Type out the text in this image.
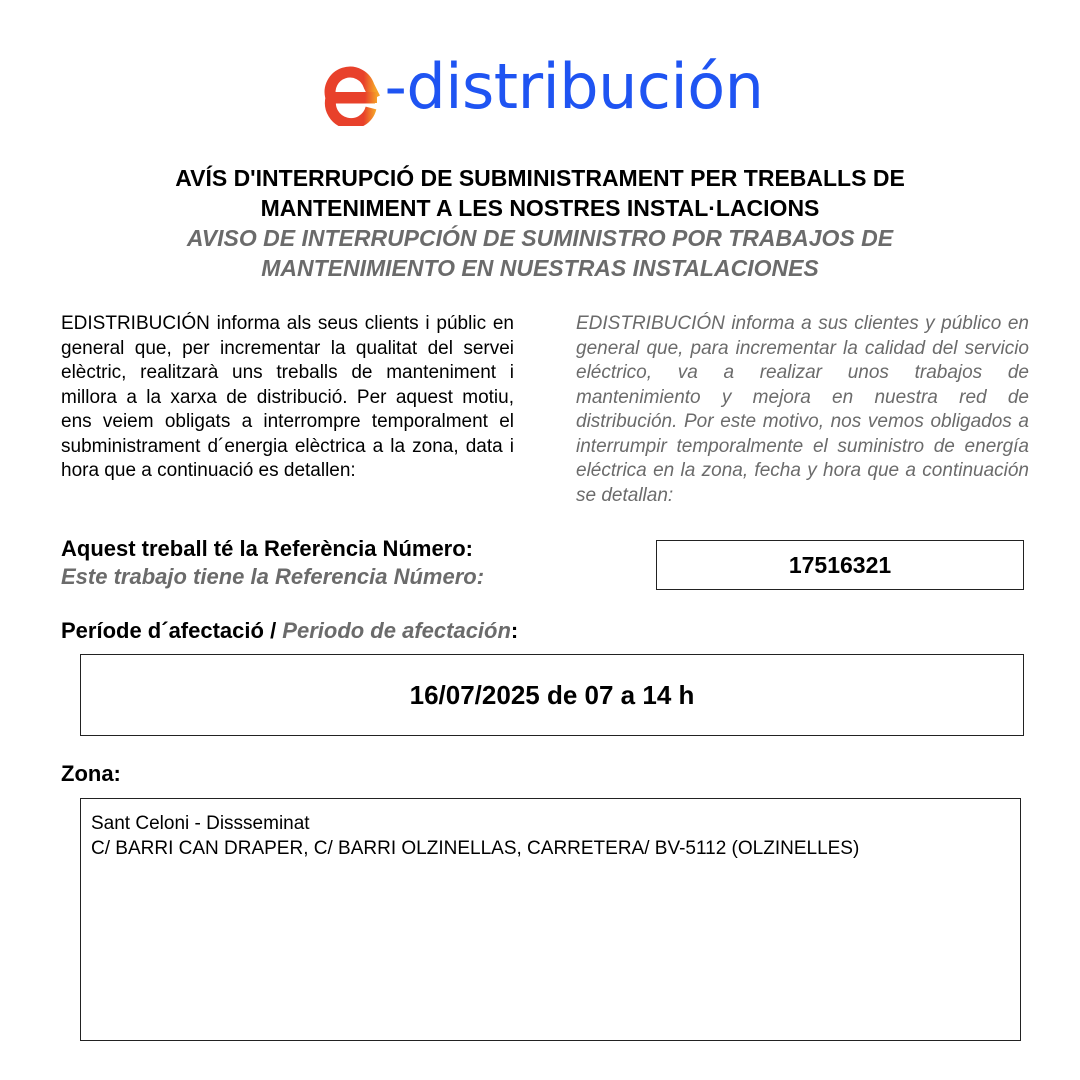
-distribución
AVÍS D'INTERRUPCIÓ DE SUBMINISTRAMENT PER TREBALLS DE
MANTENIMENT A LES NOSTRES INSTAL·LACIONS
AVISO DE INTERRUPCIÓN DE SUMINISTRO POR TRABAJOS DE
MANTENIMIENTO EN NUESTRAS INSTALACIONES
EDISTRIBUCIÓN informa als seus clients i públic en general que, per incrementar la qualitat del servei elèctric, realitzarà uns treballs de manteniment i millora a la xarxa de distribució. Per aquest motiu, ens veiem obligats a interrompre temporalment el subministrament d´energia elèctrica a la zona, data i hora que a continuació es detallen:
EDISTRIBUCIÓN informa a sus clientes y público en general que, para incrementar la calidad del servicio eléctrico, va a realizar unos trabajos de mantenimiento y mejora en nuestra red de distribución. Por este motivo, nos vemos obligados a interrumpir temporalmente el suministro de energía eléctrica en la zona, fecha y hora que a continuación se detallan:
Aquest treball té la Referència Número:
Este trabajo tiene la Referencia Número:	17516321
Període d´afectació / Periodo de afectación:
16/07/2025 de 07 a 14 h
Zona:
Sant Celoni - Dissseminat
C/ BARRI CAN DRAPER, C/ BARRI OLZINELLAS, CARRETERA/ BV-5112 (OLZINELLES)
